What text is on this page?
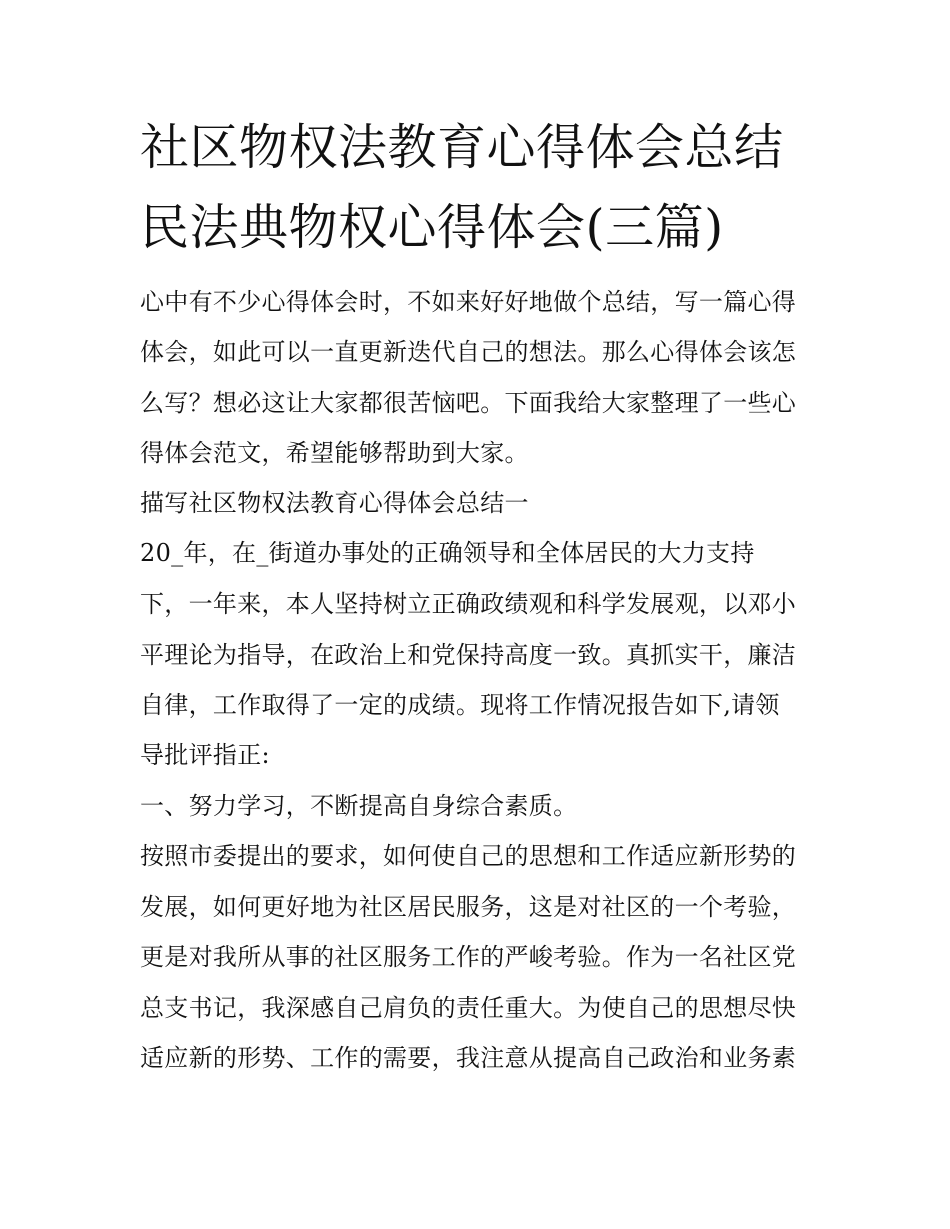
社区物权法教育心得体会总结
民法典物权心得体会(三篇)

心中有不少心得体会时，不如来好好地做个总结，写一篇心得

体会，如此可以一直更新迭代自己的想法。那么心得体会该怎

么写？想必这让大家都很苦恼吧。下面我给大家整理了一些心

得体会范文，希望能够帮助到大家。

描写社区物权法教育心得体会总结一

20_年，在_街道办事处的正确领导和全体居民的大力支持

下，一年来，本人坚持树立正确政绩观和科学发展观，以邓小

平理论为指导，在政治上和党保持高度一致。真抓实干，廉洁

自律，工作取得了一定的成绩。现将工作情况报告如下,请领

导批评指正:

一、努力学习，不断提高自身综合素质。

按照市委提出的要求，如何使自己的思想和工作适应新形势的

发展，如何更好地为社区居民服务，这是对社区的一个考验，

更是对我所从事的社区服务工作的严峻考验。作为一名社区党

总支书记，我深感自己肩负的责任重大。为使自己的思想尽快

适应新的形势、工作的需要，我注意从提高自己政治和业务素
